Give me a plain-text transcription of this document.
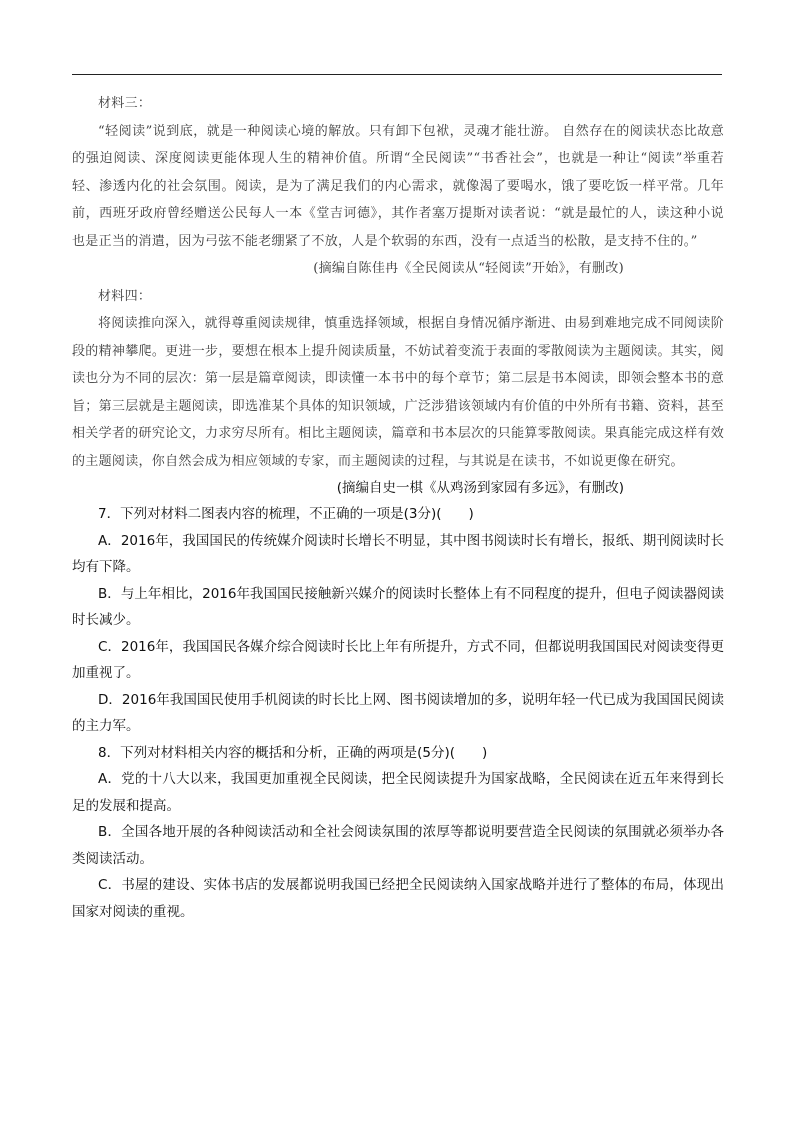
材料三：

“轻阅读”说到底，就是一种阅读心境的解放。只有卸下包袱，灵魂才能壮游。 自然存在的阅读状态比故意的强迫阅读、深度阅读更能体现人生的精神价值。所谓“全民阅读”“书香社会”，也就是一种让“阅读”举重若轻、渗透内化的社会氛围。阅读，是为了满足我们的内心需求，就像渴了要喝水，饿了要吃饭一样平常。几年前，西班牙政府曾经赠送公民每人一本《堂吉诃德》，其作者塞万提斯对读者说：“就是最忙的人，读这种小说也是正当的消遣，因为弓弦不能老绷紧了不放，人是个软弱的东西，没有一点适当的松散，是支持不住的。”

(摘编自陈佳冉《全民阅读从“轻阅读”开始》，有删改)

材料四：

将阅读推向深入，就得尊重阅读规律，慎重选择领域，根据自身情况循序渐进、由易到难地完成不同阅读阶段的精神攀爬。更进一步，要想在根本上提升阅读质量，不妨试着变流于表面的零散阅读为主题阅读。其实，阅读也分为不同的层次：第一层是篇章阅读，即读懂一本书中的每个章节；第二层是书本阅读，即领会整本书的意旨；第三层就是主题阅读，即选准某个具体的知识领域，广泛涉猎该领域内有价值的中外所有书籍、资料，甚至相关学者的研究论文，力求穷尽所有。相比主题阅读，篇章和书本层次的只能算零散阅读。果真能完成这样有效的主题阅读，你自然会成为相应领域的专家，而主题阅读的过程，与其说是在读书，不如说更像在研究。

(摘编自史一棋《从鸡汤到家园有多远》，有删改)

7．下列对材料二图表内容的梳理，不正确的一项是(3分)(　　)

A．2016年，我国国民的传统媒介阅读时长增长不明显，其中图书阅读时长有增长，报纸、期刊阅读时长均有下降。

B．与上年相比，2016年我国国民接触新兴媒介的阅读时长整体上有不同程度的提升，但电子阅读器阅读时长减少。

C．2016年，我国国民各媒介综合阅读时长比上年有所提升，方式不同，但都说明我国国民对阅读变得更加重视了。

D．2016年我国国民使用手机阅读的时长比上网、图书阅读增加的多，说明年轻一代已成为我国国民阅读的主力军。

8．下列对材料相关内容的概括和分析，正确的两项是(5分)(　　)

A．党的十八大以来，我国更加重视全民阅读，把全民阅读提升为国家战略，全民阅读在近五年来得到长足的发展和提高。

B．全国各地开展的各种阅读活动和全社会阅读氛围的浓厚等都说明要营造全民阅读的氛围就必须举办各类阅读活动。

C．书屋的建设、实体书店的发展都说明我国已经把全民阅读纳入国家战略并进行了整体的布局，体现出国家对阅读的重视。
